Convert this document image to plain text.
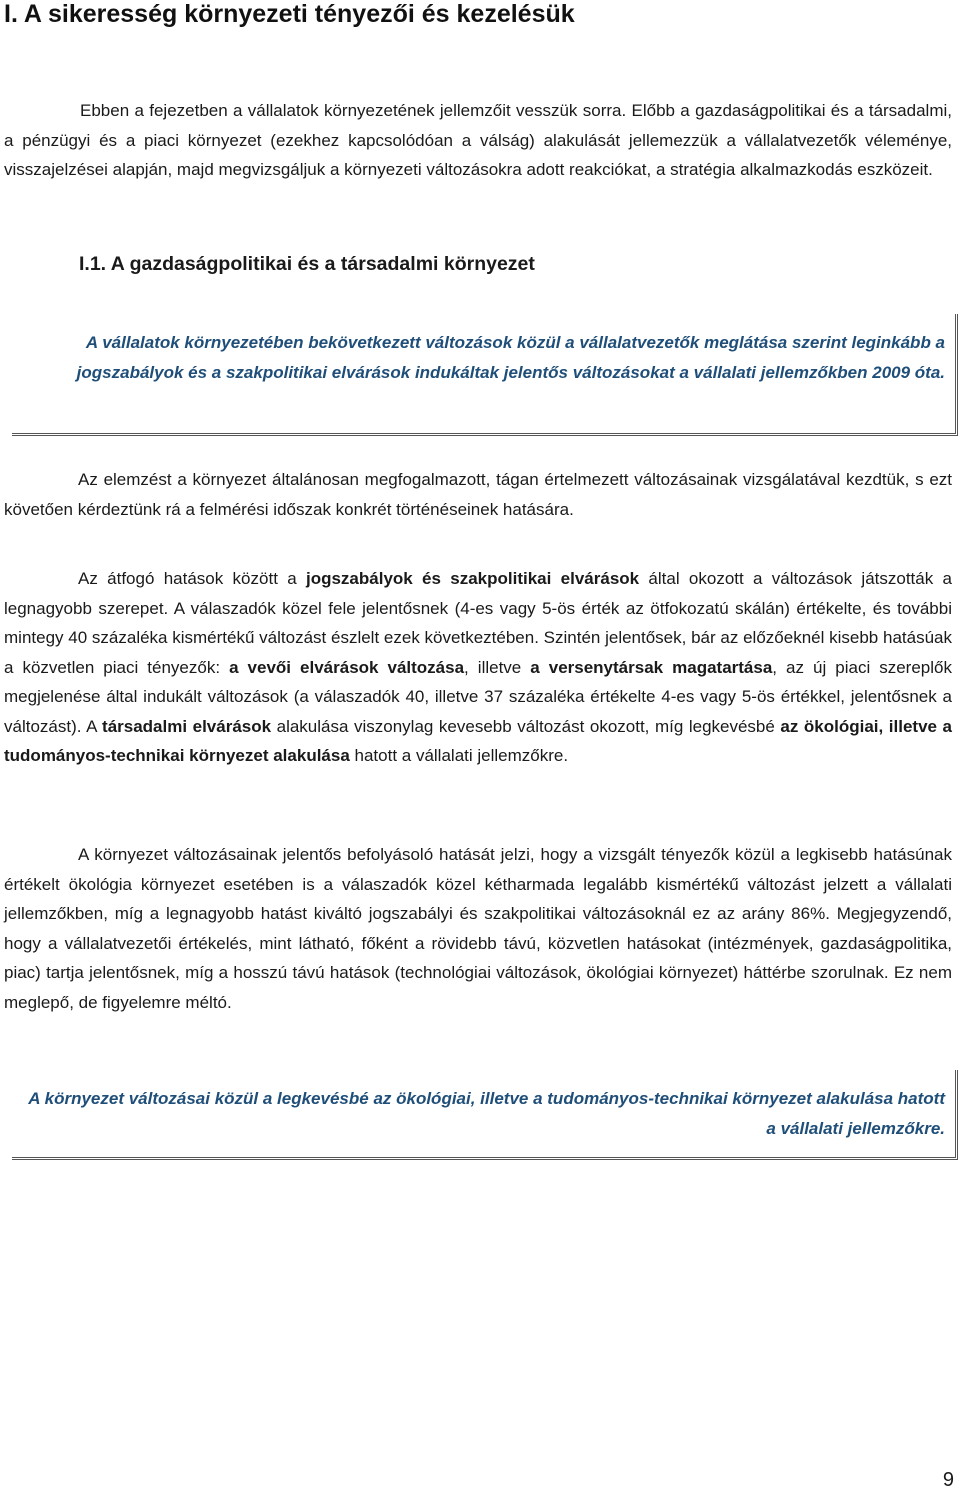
I. A sikeresség környezeti tényezői és kezelésük

Ebben a fejezetben a vállalatok környezetének jellemzőit vesszük sorra. Előbb a gazdaságpolitikai és a társadalmi, a pénzügyi és a piaci környezet (ezekhez kapcsolódóan a válság) alakulását jellemezzük a vállalatvezetők véleménye, visszajelzései alapján, majd megvizsgáljuk a környezeti változásokra adott reakciókat, a stratégia alkalmazkodás eszközeit.

I.1. A gazdaságpolitikai és a társadalmi környezet

A vállalatok környezetében bekövetkezett változások közül a vállalatvezetők meglátása szerint leginkább a jogszabályok és a szakpolitikai elvárások indukáltak jelentős változásokat a vállalati jellemzőkben 2009 óta.

Az elemzést a környezet általánosan megfogalmazott, tágan értelmezett változásainak vizsgálatával kezdtük, s ezt követően kérdeztünk rá a felmérési időszak konkrét történéseinek hatására.

Az átfogó hatások között a jogszabályok és szakpolitikai elvárások által okozott a változások játszották a legnagyobb szerepet. A válaszadók közel fele jelentősnek (4-es vagy 5-ös érték az ötfokozatú skálán) értékelte, és további mintegy 40 százaléka kismértékű változást észlelt ezek következtében. Szintén jelentősek, bár az előzőeknél kisebb hatásúak a közvetlen piaci tényezők: a vevői elvárások változása, illetve a versenytársak magatartása, az új piaci szereplők megjelenése által indukált változások (a válaszadók 40, illetve 37 százaléka értékelte 4-es vagy 5-ös értékkel, jelentősnek a változást). A társadalmi elvárások alakulása viszonylag kevesebb változást okozott, míg legkevésbé az ökológiai, illetve a tudományos-technikai környezet alakulása hatott a vállalati jellemzőkre.

A környezet változásainak jelentős befolyásoló hatását jelzi, hogy a vizsgált tényezők közül a legkisebb hatásúnak értékelt ökológia környezet esetében is a válaszadók közel kétharmada legalább kismértékű változást jelzett a vállalati jellemzőkben, míg a legnagyobb hatást kiváltó jogszabályi és szakpolitikai változásoknál ez az arány 86%. Megjegyzendő, hogy a vállalatvezetői értékelés, mint látható, főként a rövidebb távú, közvetlen hatásokat (intézmények, gazdaságpolitika, piac) tartja jelentősnek, míg a hosszú távú hatások (technológiai változások, ökológiai környezet) háttérbe szorulnak. Ez nem meglepő, de figyelemre méltó.

A környezet változásai közül a legkevésbé az ökológiai, illetve a tudományos-technikai környezet alakulása hatott a vállalati jellemzőkre.

9
